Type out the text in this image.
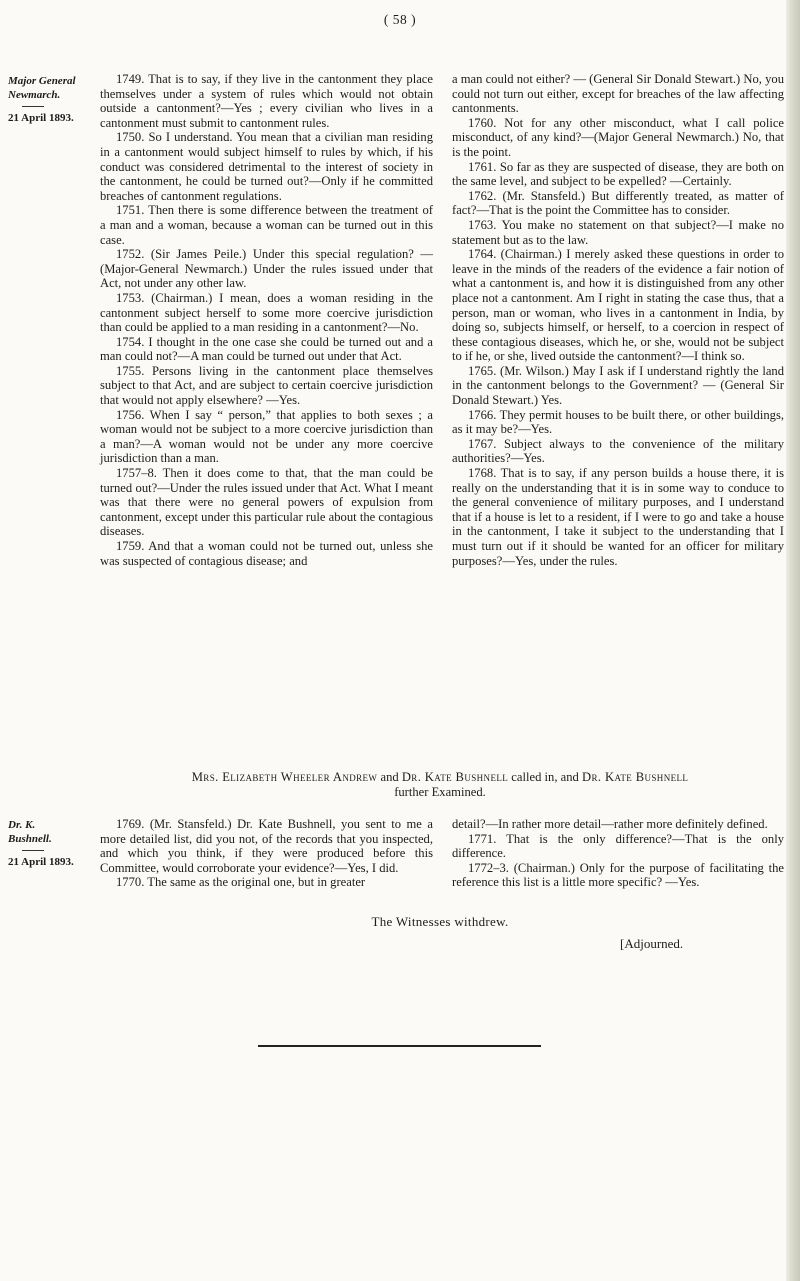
( 58 )
Major General
Newmarch.
21 April 1893.

1749. That is to say, if they live in the cantonment they place themselves under a system of rules which would not obtain outside a cantonment?—Yes ; every civilian who lives in a cantonment must submit to cantonment rules.

1750. So I understand. You mean that a civilian man residing in a cantonment would subject himself to rules by which, if his conduct was considered detrimental to the interest of society in the cantonment, he could be turned out?—Only if he committed breaches of cantonment regulations.

1751. Then there is some difference between the treatment of a man and a woman, because a woman can be turned out in this case.

1752. (Sir James Peile.) Under this special regulation? — (Major-General Newmarch.) Under the rules issued under that Act, not under any other law.

1753. (Chairman.) I mean, does a woman residing in the cantonment subject herself to some more coercive jurisdiction than could be applied to a man residing in a cantonment?—No.

1754. I thought in the one case she could be turned out and a man could not?—A man could be turned out under that Act.

1755. Persons living in the cantonment place themselves subject to that Act, and are subject to certain coercive jurisdiction that would not apply elsewhere? —Yes.

1756. When I say “ person,” that applies to both sexes ; a woman would not be subject to a more coercive jurisdiction than a man?—A woman would not be under any more coercive jurisdiction than a man.

1757–8. Then it does come to that, that the man could be turned out?—Under the rules issued under that Act. What I meant was that there were no general powers of expulsion from cantonment, except under this particular rule about the contagious diseases.

1759. And that a woman could not be turned out, unless she was suspected of contagious disease; and

a man could not either? — (General Sir Donald Stewart.) No, you could not turn out either, except for breaches of the law affecting cantonments.

1760. Not for any other misconduct, what I call police misconduct, of any kind?—(Major General Newmarch.) No, that is the point.

1761. So far as they are suspected of disease, they are both on the same level, and subject to be expelled? —Certainly.

1762. (Mr. Stansfeld.) But differently treated, as matter of fact?—That is the point the Committee has to consider.

1763. You make no statement on that subject?—I make no statement but as to the law.

1764. (Chairman.) I merely asked these questions in order to leave in the minds of the readers of the evidence a fair notion of what a cantonment is, and how it is distinguished from any other place not a cantonment. Am I right in stating the case thus, that a person, man or woman, who lives in a cantonment in India, by doing so, subjects himself, or herself, to a coercion in respect of these contagious diseases, which he, or she, would not be subject to if he, or she, lived outside the cantonment?—I think so.

1765. (Mr. Wilson.) May I ask if I understand rightly the land in the cantonment belongs to the Government? — (General Sir Donald Stewart.) Yes.

1766. They permit houses to be built there, or other buildings, as it may be?—Yes.

1767. Subject always to the convenience of the military authorities?—Yes.

1768. That is to say, if any person builds a house there, it is really on the understanding that it is in some way to conduce to the general convenience of military purposes, and I understand that if a house is let to a resident, if I were to go and take a house in the cantonment, I take it subject to the understanding that I must turn out if it should be wanted for an officer for military purposes?—Yes, under the rules.

Mrs. Elizabeth Wheeler Andrew and Dr. Kate Bushnell called in, and Dr. Kate Bushnell
further Examined.
Dr. K.
Bushnell.
21 April 1893.

1769. (Mr. Stansfeld.) Dr. Kate Bushnell, you sent to me a more detailed list, did you not, of the records that you inspected, and which you think, if they were produced before this Committee, would corroborate your evidence?—Yes, I did.

1770. The same as the original one, but in greater

detail?—In rather more detail—rather more definitely defined.

1771. That is the only difference?—That is the only difference.

1772–3. (Chairman.) Only for the purpose of facilitating the reference this list is a little more specific? —Yes.

The Witnesses withdrew.
[Adjourned.
